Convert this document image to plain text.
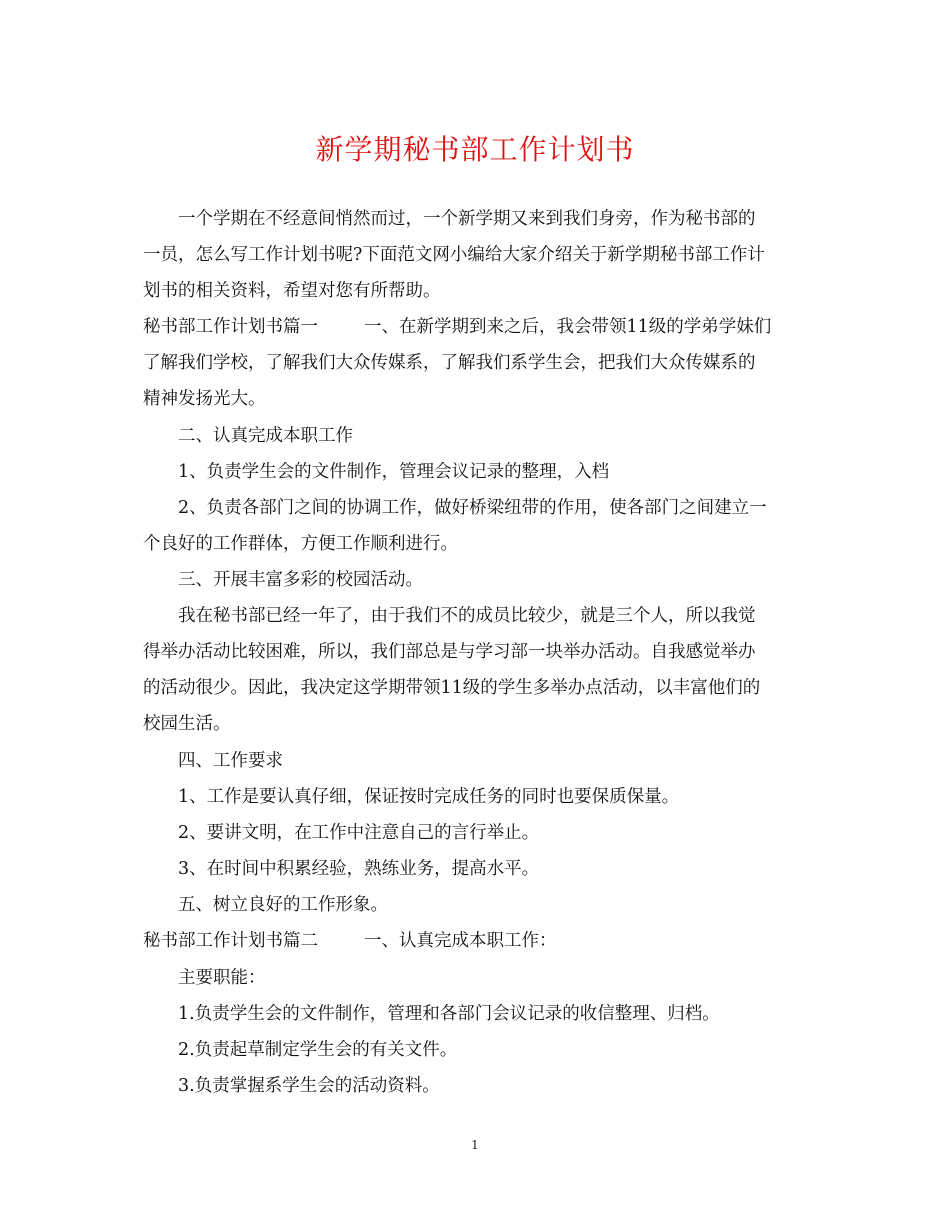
新学期秘书部工作计划书
一个学期在不经意间悄然而过，一个新学期又来到我们身旁，作为秘书部的
一员，怎么写工作计划书呢?下面范文网小编给大家介绍关于新学期秘书部工作计
划书的相关资料，希望对您有所帮助。
秘书部工作计划书篇一	一、在新学期到来之后，我会带领11级的学弟学妹们
了解我们学校，了解我们大众传媒系，了解我们系学生会，把我们大众传媒系的
精神发扬光大。
二、认真完成本职工作
1、负责学生会的文件制作，管理会议记录的整理，入档
2、负责各部门之间的协调工作，做好桥梁纽带的作用，使各部门之间建立一
个良好的工作群体，方便工作顺利进行。
三、开展丰富多彩的校园活动。
我在秘书部已经一年了，由于我们不的成员比较少，就是三个人，所以我觉
得举办活动比较困难，所以，我们部总是与学习部一块举办活动。自我感觉举办
的活动很少。因此，我决定这学期带领11级的学生多举办点活动，以丰富他们的
校园生活。
四、工作要求
1、工作是要认真仔细，保证按时完成任务的同时也要保质保量。
2、要讲文明，在工作中注意自己的言行举止。
3、在时间中积累经验，熟练业务，提高水平。
五、树立良好的工作形象。
秘书部工作计划书篇二	一、认真完成本职工作：
主要职能：
1.负责学生会的文件制作，管理和各部门会议记录的收信整理、归档。
2.负责起草制定学生会的有关文件。
3.负责掌握系学生会的活动资料。
1
